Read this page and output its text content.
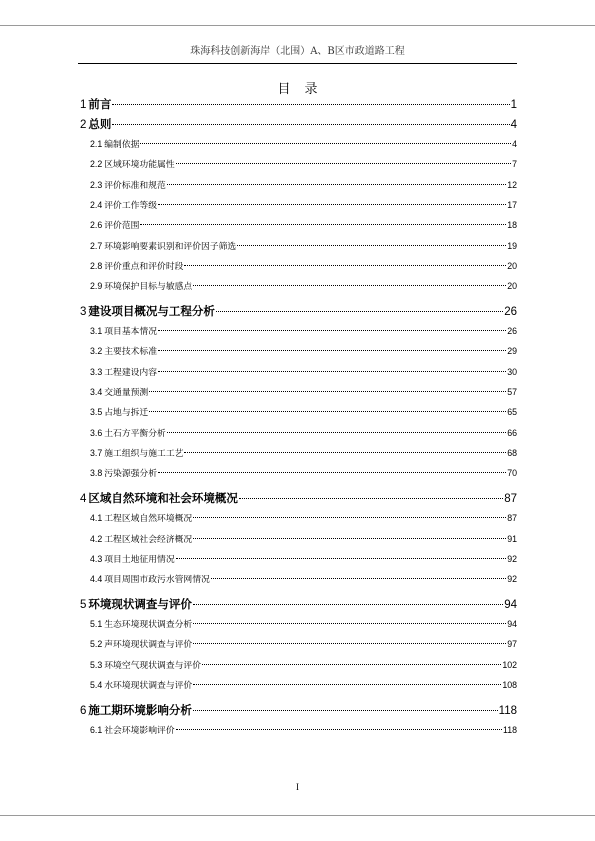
珠海科技创新海岸（北围）A、B区市政道路工程
目录
1 前言	1
2 总则	4
2.1 编制依据	4
2.2 区域环境功能属性	7
2.3 评价标准和规范	12
2.4 评价工作等级	17
2.6 评价范围	18
2.7 环境影响要素识别和评价因子筛选	19
2.8 评价重点和评价时段	20
2.9 环境保护目标与敏感点	20
3 建设项目概况与工程分析	26
3.1 项目基本情况	26
3.2 主要技术标准	29
3.3 工程建设内容	30
3.4 交通量预测	57
3.5 占地与拆迁	65
3.6 土石方平衡分析	66
3.7 施工组织与施工工艺	68
3.8 污染源强分析	70
4 区域自然环境和社会环境概况	87
4.1 工程区域自然环境概况	87
4.2 工程区域社会经济概况	91
4.3 项目土地征用情况	92
4.4 项目周围市政污水管网情况	92
5 环境现状调查与评价	94
5.1 生态环境现状调查分析	94
5.2 声环境现状调查与评价	97
5.3 环境空气现状调查与评价	102
5.4 水环境现状调查与评价	108
6 施工期环境影响分析	118
6.1 社会环境影响评价	118
I
